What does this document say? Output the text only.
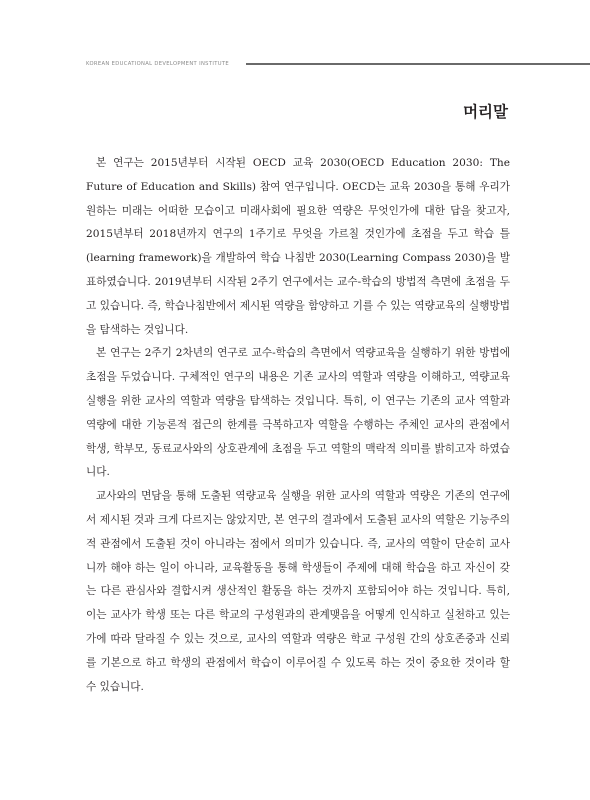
KOREAN EDUCATIONAL DEVELOPMENT INSTITUTE
머리말

본 연구는 2015년부터 시작된 OECD 교육 2030(OECD Education 2030: The Future of Education and Skills) 참여 연구입니다. OECD는 교육 2030을 통해 우리가 원하는 미래는 어떠한 모습이고 미래사회에 필요한 역량은 무엇인가에 대한 답을 찾고자, 2015년부터 2018년까지 연구의 1주기로 무엇을 가르칠 것인가에 초점을 두고 학습 틀(learning framework)을 개발하여 학습 나침반 2030(Learning Compass 2030)을 발표하였습니다. 2019년부터 시작된 2주기 연구에서는 교수-학습의 방법적 측면에 초점을 두고 있습니다. 즉, 학습나침반에서 제시된 역량을 함양하고 기를 수 있는 역량교육의 실행방법을 탐색하는 것입니다.

본 연구는 2주기 2차년의 연구로 교수-학습의 측면에서 역량교육을 실행하기 위한 방법에 초점을 두었습니다. 구체적인 연구의 내용은 기존 교사의 역할과 역량을 이해하고, 역량교육 실행을 위한 교사의 역할과 역량을 탐색하는 것입니다. 특히, 이 연구는 기존의 교사 역할과 역량에 대한 기능론적 접근의 한계를 극복하고자 역할을 수행하는 주체인 교사의 관점에서 학생, 학부모, 동료교사와의 상호관계에 초점을 두고 역할의 맥락적 의미를 밝히고자 하였습니다.

교사와의 면담을 통해 도출된 역량교육 실행을 위한 교사의 역할과 역량은 기존의 연구에서 제시된 것과 크게 다르지는 않았지만, 본 연구의 결과에서 도출된 교사의 역할은 기능주의적 관점에서 도출된 것이 아니라는 점에서 의미가 있습니다. 즉, 교사의 역할이 단순히 교사니까 해야 하는 일이 아니라, 교육활동을 통해 학생들이 주제에 대해 학습을 하고 자신이 갖는 다른 관심사와 결합시켜 생산적인 활동을 하는 것까지 포함되어야 하는 것입니다. 특히, 이는 교사가 학생 또는 다른 학교의 구성원과의 관계맺음을 어떻게 인식하고 실천하고 있는가에 따라 달라질 수 있는 것으로, 교사의 역할과 역량은 학교 구성원 간의 상호존중과 신뢰를 기본으로 하고 학생의 관점에서 학습이 이루어질 수 있도록 하는 것이 중요한 것이라 할 수 있습니다.
